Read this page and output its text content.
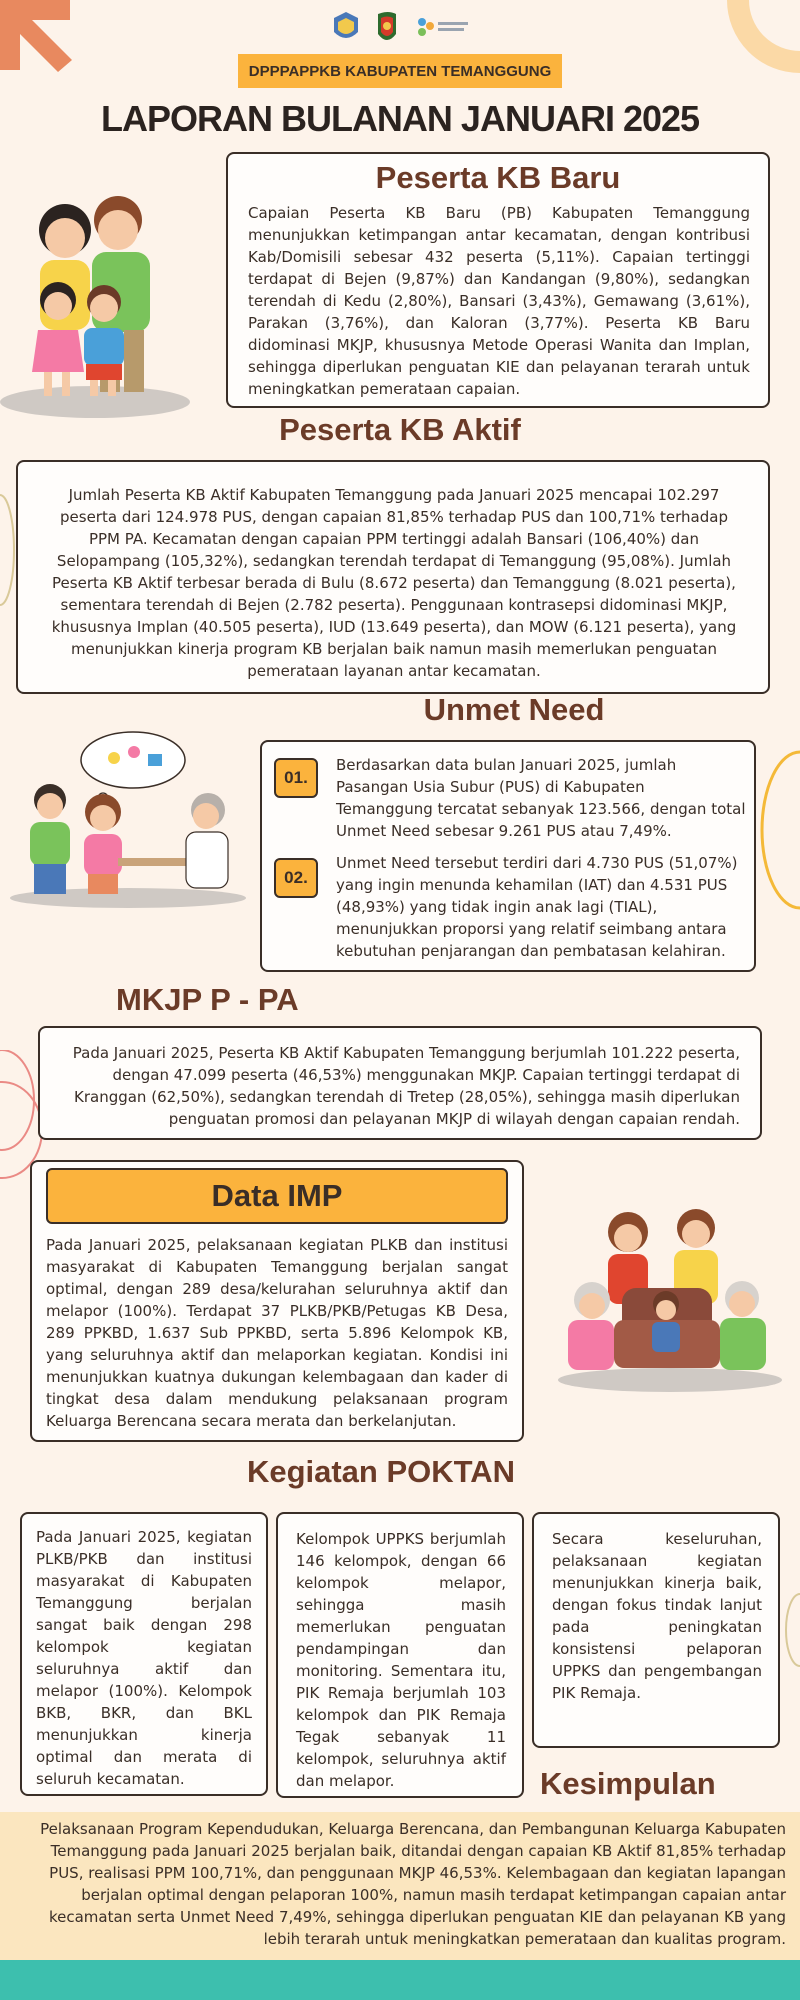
DPPPAPPKB KABUPATEN TEMANGGUNG
LAPORAN BULANAN JANUARI 2025
Peserta KB Baru
Capaian Peserta KB Baru (PB) Kabupaten Temanggung menunjukkan ketimpangan antar kecamatan, dengan kontribusi Kab/Domisili sebesar 432 peserta (5,11%). Capaian tertinggi terdapat di Bejen (9,87%) dan Kandangan (9,80%), sedangkan terendah di Kedu (2,80%), Bansari (3,43%), Gemawang (3,61%), Parakan (3,76%), dan Kaloran (3,77%). Peserta KB Baru didominasi MKJP, khususnya Metode Operasi Wanita dan Implan, sehingga diperlukan penguatan KIE dan pelayanan terarah untuk meningkatkan pemerataan capaian.
Peserta KB Aktif
Jumlah Peserta KB Aktif Kabupaten Temanggung pada Januari 2025 mencapai 102.297 peserta dari 124.978 PUS, dengan capaian 81,85% terhadap PUS dan 100,71% terhadap PPM PA. Kecamatan dengan capaian PPM tertinggi adalah Bansari (106,40%) dan Selopampang (105,32%), sedangkan terendah terdapat di Temanggung (95,08%). Jumlah Peserta KB Aktif terbesar berada di Bulu (8.672 peserta) dan Temanggung (8.021 peserta), sementara terendah di Bejen (2.782 peserta). Penggunaan kontrasepsi didominasi MKJP, khususnya Implan (40.505 peserta), IUD (13.649 peserta), dan MOW (6.121 peserta), yang menunjukkan kinerja program KB berjalan baik namun masih memerlukan penguatan pemerataan layanan antar kecamatan.
Unmet Need
01.
Berdasarkan data bulan Januari 2025, jumlah Pasangan Usia Subur (PUS) di Kabupaten Temanggung tercatat sebanyak 123.566, dengan total Unmet Need sebesar 9.261 PUS atau 7,49%.
02.
Unmet Need tersebut terdiri dari 4.730 PUS (51,07%) yang ingin menunda kehamilan (IAT) dan 4.531 PUS (48,93%) yang tidak ingin anak lagi (TIAL), menunjukkan proporsi yang relatif seimbang antara kebutuhan penjarangan dan pembatasan kelahiran.
MKJP P - PA
Pada Januari 2025, Peserta KB Aktif Kabupaten Temanggung berjumlah 101.222 peserta, dengan 47.099 peserta (46,53%) menggunakan MKJP. Capaian tertinggi terdapat di Kranggan (62,50%), sedangkan terendah di Tretep (28,05%), sehingga masih diperlukan penguatan promosi dan pelayanan MKJP di wilayah dengan capaian rendah.
Data IMP
Pada Januari 2025, pelaksanaan kegiatan PLKB dan institusi masyarakat di Kabupaten Temanggung berjalan sangat optimal, dengan 289 desa/kelurahan seluruhnya aktif dan melapor (100%). Terdapat 37 PLKB/PKB/Petugas KB Desa, 289 PPKBD, 1.637 Sub PPKBD, serta 5.896 Kelompok KB, yang seluruhnya aktif dan melaporkan kegiatan. Kondisi ini menunjukkan kuatnya dukungan kelembagaan dan kader di tingkat desa dalam mendukung pelaksanaan program Keluarga Berencana secara merata dan berkelanjutan.
Kegiatan POKTAN
Pada Januari 2025, kegiatan PLKB/PKB dan institusi masyarakat di Kabupaten Temanggung berjalan sangat baik dengan 298 kelompok kegiatan seluruhnya aktif dan melapor (100%). Kelompok BKB, BKR, dan BKL menunjukkan kinerja optimal dan merata di seluruh kecamatan.
Kelompok UPPKS berjumlah 146 kelompok, dengan 66 kelompok melapor, sehingga masih memerlukan penguatan pendampingan dan monitoring. Sementara itu, PIK Remaja berjumlah 103 kelompok dan PIK Remaja Tegak sebanyak 11 kelompok, seluruhnya aktif dan melapor.
Secara keseluruhan, pelaksanaan kegiatan menunjukkan kinerja baik, dengan fokus tindak lanjut pada peningkatan konsistensi pelaporan UPPKS dan pengembangan PIK Remaja.
Kesimpulan
Pelaksanaan Program Kependudukan, Keluarga Berencana, dan Pembangunan Keluarga Kabupaten Temanggung pada Januari 2025 berjalan baik, ditandai dengan capaian KB Aktif 81,85% terhadap PUS, realisasi PPM 100,71%, dan penggunaan MKJP 46,53%. Kelembagaan dan kegiatan lapangan berjalan optimal dengan pelaporan 100%, namun masih terdapat ketimpangan capaian antar kecamatan serta Unmet Need 7,49%, sehingga diperlukan penguatan KIE dan pelayanan KB yang lebih terarah untuk meningkatkan pemerataan dan kualitas program.
